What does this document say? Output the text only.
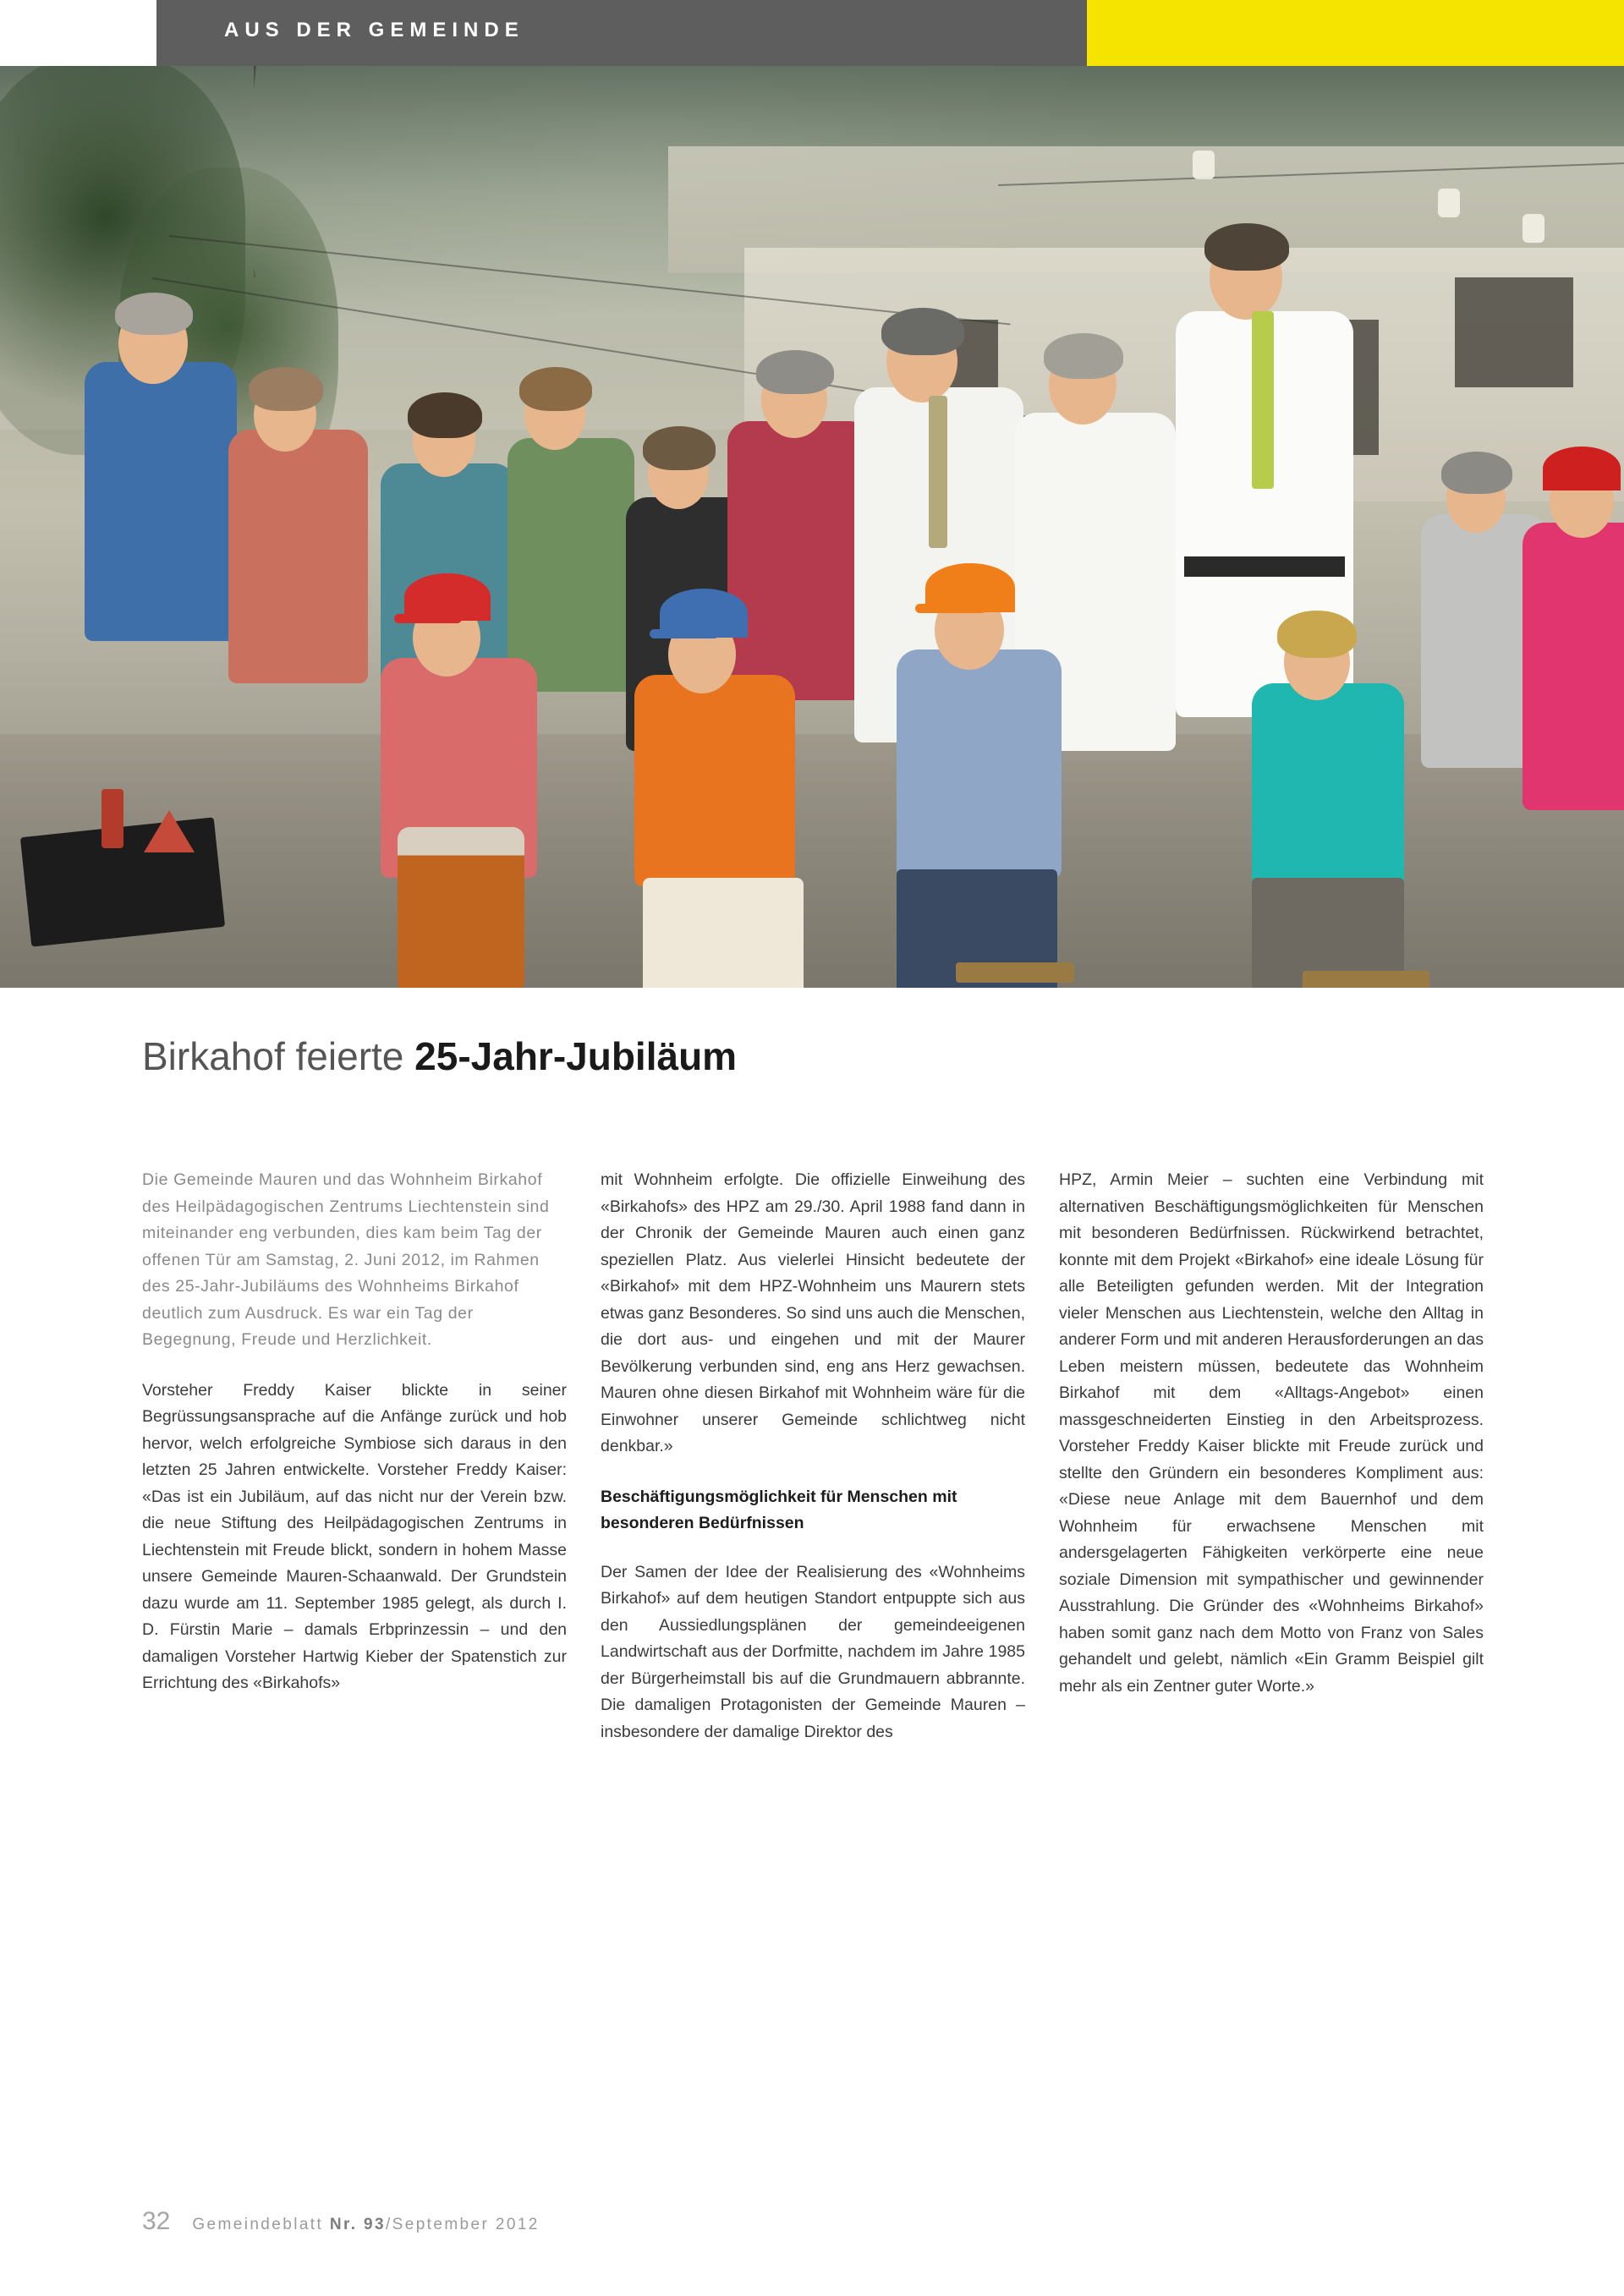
AUS DER GEMEINDE
Birkahof feierte 25-Jahr-Jubiläum

Die Gemeinde Mauren und das Wohnheim Birkahof des Heilpädagogischen Zentrums Liechtenstein sind miteinander eng verbunden, dies kam beim Tag der offenen Tür am Samstag, 2. Juni 2012, im Rahmen des 25-Jahr-Jubiläums des Wohnheims Birkahof deutlich zum Ausdruck. Es war ein Tag der Begegnung, Freude und Herzlichkeit.

Vorsteher Freddy Kaiser blickte in seiner Begrüssungsansprache auf die Anfänge zurück und hob hervor, welch erfolgreiche Symbiose sich daraus in den letzten 25 Jahren entwickelte. Vorsteher Freddy Kaiser: «Das ist ein Jubiläum, auf das nicht nur der Verein bzw. die neue Stiftung des Heilpädagogischen Zentrums in Liechtenstein mit Freude blickt, sondern in hohem Masse unsere Gemeinde Mauren-Schaanwald. Der Grundstein dazu wurde am 11. September 1985 gelegt, als durch I. D. Fürstin Marie – damals Erbprinzessin – und den damaligen Vorsteher Hartwig Kieber der Spatenstich zur Errichtung des «Birkahofs»

mit Wohnheim erfolgte. Die offizielle Einweihung des «Birkahofs» des HPZ am 29./30. April 1988 fand dann in der Chronik der Gemeinde Mauren auch einen ganz speziellen Platz. Aus vielerlei Hinsicht bedeutete der «Birkahof» mit dem HPZ-Wohnheim uns Maurern stets etwas ganz Besonderes. So sind uns auch die Menschen, die dort aus- und eingehen und mit der Maurer Bevölkerung verbunden sind, eng ans Herz gewachsen. Mauren ohne diesen Birkahof mit Wohnheim wäre für die Einwohner unserer Gemeinde schlichtweg nicht denkbar.»

Beschäftigungsmöglichkeit für Menschen mit besonderen Bedürfnissen

Der Samen der Idee der Realisierung des «Wohnheims Birkahof» auf dem heutigen Standort entpuppte sich aus den Aussiedlungsplänen der gemeindeeigenen Landwirtschaft aus der Dorfmitte, nachdem im Jahre 1985 der Bürgerheimstall bis auf die Grundmauern abbrannte. Die damaligen Protagonisten der Gemeinde Mauren – insbesondere der damalige Direktor des

HPZ, Armin Meier – suchten eine Verbindung mit alternativen Beschäftigungsmöglichkeiten für Menschen mit besonderen Bedürfnissen. Rückwirkend betrachtet, konnte mit dem Projekt «Birkahof» eine ideale Lösung für alle Beteiligten gefunden werden. Mit der Integration vieler Menschen aus Liechtenstein, welche den Alltag in anderer Form und mit anderen Herausforderungen an das Leben meistern müssen, bedeutete das Wohnheim Birkahof mit dem «Alltags-Angebot» einen massgeschneiderten Einstieg in den Arbeitsprozess. Vorsteher Freddy Kaiser blickte mit Freude zurück und stellte den Gründern ein besonderes Kompliment aus: «Diese neue Anlage mit dem Bauernhof und dem Wohnheim für erwachsene Menschen mit andersgelagerten Fähigkeiten verkörperte eine neue soziale Dimension mit sympathischer und gewinnender Ausstrahlung. Die Gründer des «Wohnheims Birkahof» haben somit ganz nach dem Motto von Franz von Sales gehandelt und gelebt, nämlich «Ein Gramm Beispiel gilt mehr als ein Zentner guter Worte.»

32 Gemeindeblatt Nr. 93/September 2012
